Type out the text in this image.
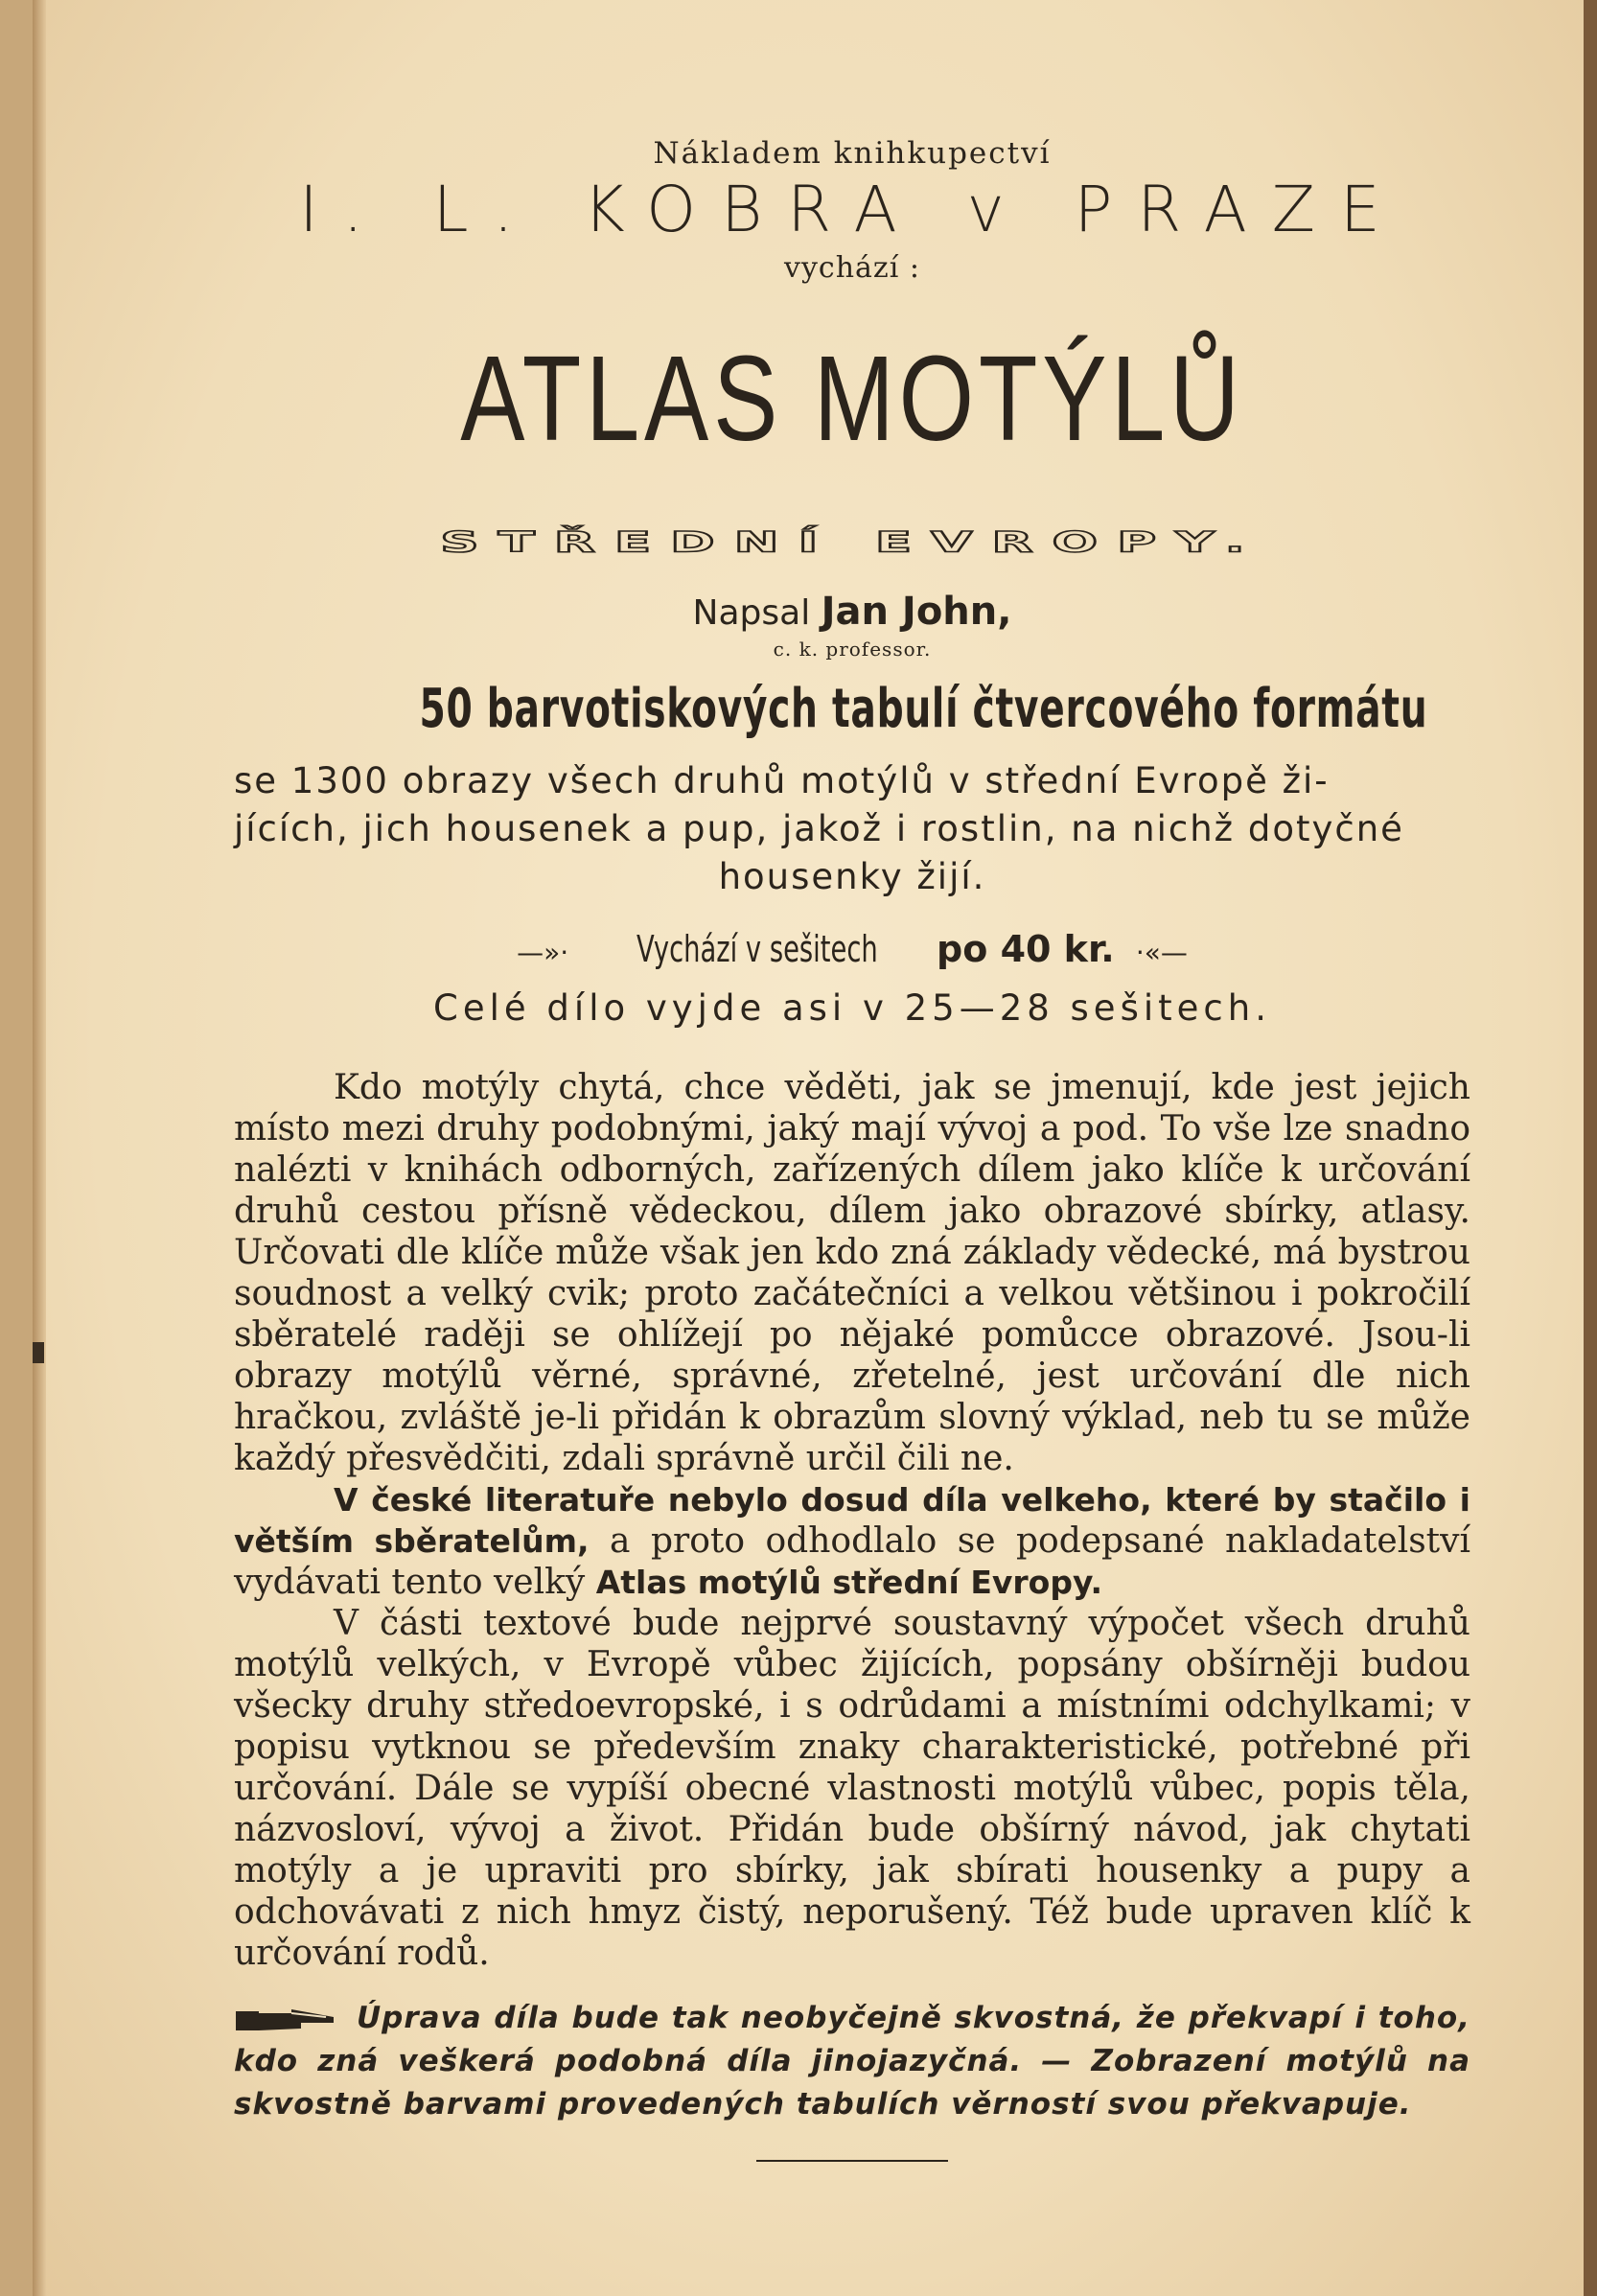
Nákladem knihkupectví
I. L. KOBRA v PRAZE
vychází :
ATLAS MOTÝLŮ
STŘEDNÍ EVROPY.
Napsal Jan John,
c. k. professor.
50 barvotiskových tabulí čtvercového formátu
se 1300 obrazy všech druhů motýlů v střední Evropě ži-
jících, jich housenek a pup, jakož i rostlin, na nichž dotyčné
housenky žijí.
—»· Vychází v sešitech po 40 kr. ·«—
Celé dílo vyjde asi v 25—28 sešitech.

Kdo motýly chytá, chce věděti, jak se jmenují, kde jest jejich místo mezi druhy podobnými, jaký mají vývoj a pod. To vše lze snadno nalézti v knihách odborných, zařízených dílem jako klíče k určování druhů cestou přísně vědeckou, dílem jako obrazové sbírky, atlasy. Určovati dle klíče může však jen kdo zná základy vědecké, má bystrou soudnost a velký cvik; proto začátečníci a velkou většinou i pokročilí sběratelé raději se ohlížejí po nějaké pomůcce obrazové. Jsou-li obrazy motýlů věrné, správné, zřetelné, jest určování dle nich hračkou, zvláště je-li přidán k obrazům slovný výklad, neb tu se může každý přesvědčiti, zdali správně určil čili ne.

V české literatuře nebylo dosud díla velkeho, které by stačilo i větším sběratelům, a proto odhodlalo se podepsané nakladatelství vydávati tento velký Atlas motýlů střední Evropy.

V části textové bude nejprvé soustavný výpočet všech druhů motýlů velkých, v Evropě vůbec žijících, popsány obšírněji budou všecky druhy středoevropské, i s odrůdami a místními odchylkami; v popisu vytknou se především znaky charakteristické, potřebné při určování. Dále se vypíší obecné vlastnosti motýlů vůbec, popis těla, názvosloví, vývoj a život. Přidán bude obšírný návod, jak chytati motýly a je upraviti pro sbírky, jak sbírati housenky a pupy a odchovávati z nich hmyz čistý, neporušený. Též bude upraven klíč k určování rodů.

Úprava díla bude tak neobyčejně skvostná, že překvapí i toho, kdo zná veškerá podobná díla jinojazyčná. — Zobrazení motýlů na skvostně barvami provedených tabulích věrností svou překvapuje.
